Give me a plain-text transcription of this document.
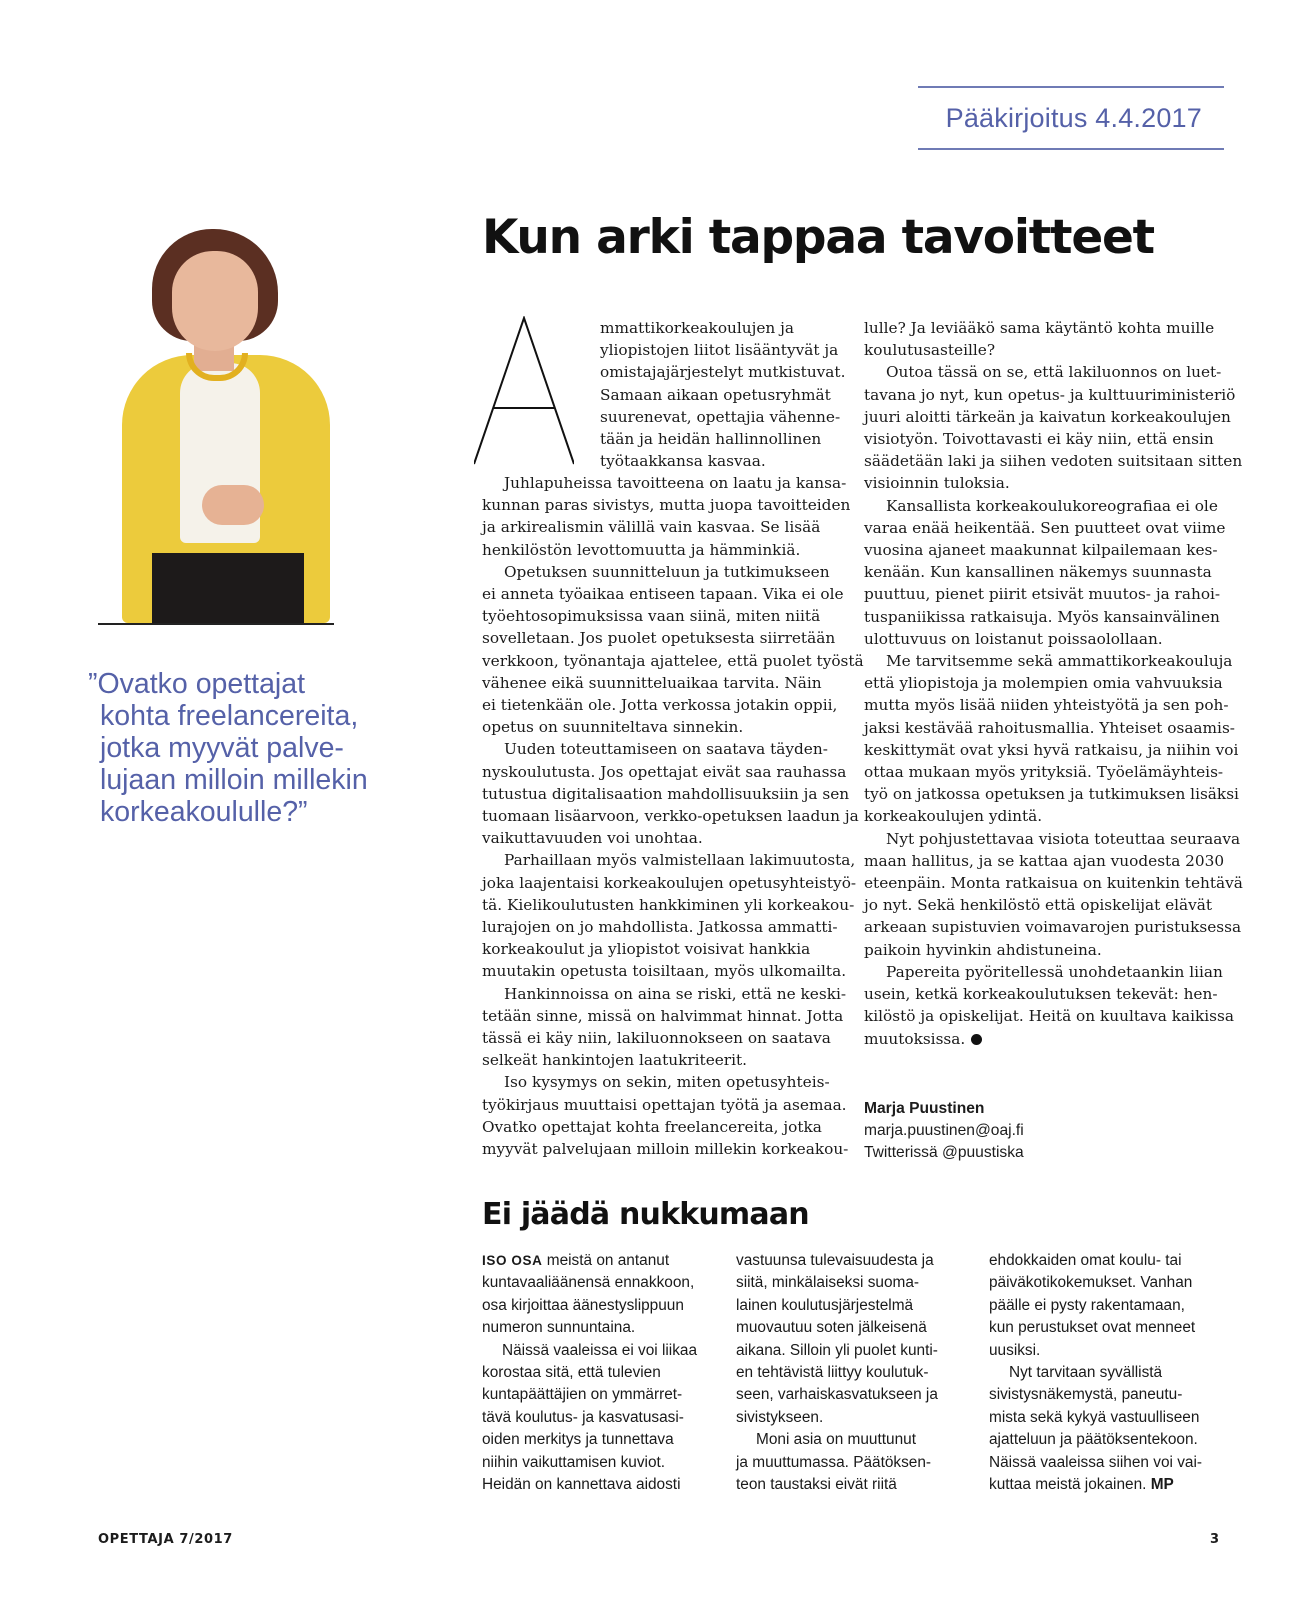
Pääkirjoitus 4.4.2017
Kun arki tappaa tavoitteet
”Ovatko opettajat
kohta freelancereita,
jotka myyvät palve-
lujaan milloin millekin
korkeakoululle?”
mmattikorkeakoulujen ja
yliopistojen liitot lisääntyvät ja
omistajajärjestelyt mutkistuvat.
Samaan aikaan opetusryhmät
suurenevat, opettajia vähenne-
tään ja heidän hallinnollinen
työtaakkansa kasvaa.
Juhlapuheissa tavoitteena on laatu ja kansa-
kunnan paras sivistys, mutta juopa tavoitteiden
ja arkirealismin välillä vain kasvaa. Se lisää
henkilöstön levottomuutta ja hämminkiä.
Opetuksen suunnitteluun ja tutkimukseen
ei anneta työaikaa entiseen tapaan. Vika ei ole
työehtosopimuksissa vaan siinä, miten niitä
sovelletaan. Jos puolet opetuksesta siirretään
verkkoon, työnantaja ajattelee, että puolet työstä
vähenee eikä suunnitteluaikaa tarvita. Näin
ei tietenkään ole. Jotta verkossa jotakin oppii,
opetus on suunniteltava sinnekin.
Uuden toteuttamiseen on saatava täyden-
nyskoulutusta. Jos opettajat eivät saa rauhassa
tutustua digitalisaation mahdollisuuksiin ja sen
tuomaan lisäarvoon, verkko-opetuksen laadun ja
vaikuttavuuden voi unohtaa.
Parhaillaan myös valmistellaan lakimuutosta,
joka laajentaisi korkeakoulujen opetusyhteistyö-
tä. Kielikoulutusten hankkiminen yli korkeakou-
lurajojen on jo mahdollista. Jatkossa ammatti-
korkeakoulut ja yliopistot voisivat hankkia
muutakin opetusta toisiltaan, myös ulkomailta.
Hankinnoissa on aina se riski, että ne keski-
tetään sinne, missä on halvimmat hinnat. Jotta
tässä ei käy niin, lakiluonnokseen on saatava
selkeät hankintojen laatukriteerit.
Iso kysymys on sekin, miten opetusyhteis-
työkirjaus muuttaisi opettajan työtä ja asemaa.
Ovatko opettajat kohta freelancereita, jotka
myyvät palvelujaan milloin millekin korkeakou-
lulle? Ja leviääkö sama käytäntö kohta muille
koulutusasteille?
Outoa tässä on se, että lakiluonnos on luet-
tavana jo nyt, kun opetus- ja kulttuuriministeriö
juuri aloitti tärkeän ja kaivatun korkeakoulujen
visiotyön. Toivottavasti ei käy niin, että ensin
säädetään laki ja siihen vedoten suitsitaan sitten
visioinnin tuloksia.
Kansallista korkeakoulukoreografiaa ei ole
varaa enää heikentää. Sen puutteet ovat viime
vuosina ajaneet maakunnat kilpailemaan kes-
kenään. Kun kansallinen näkemys suunnasta
puuttuu, pienet piirit etsivät muutos- ja rahoi-
tuspaniikissa ratkaisuja. Myös kansainvälinen
ulottuvuus on loistanut poissaolollaan.
Me tarvitsemme sekä ammattikorkeakouluja
että yliopistoja ja molempien omia vahvuuksia
mutta myös lisää niiden yhteistyötä ja sen poh-
jaksi kestävää rahoitusmallia. Yhteiset osaamis-
keskittymät ovat yksi hyvä ratkaisu, ja niihin voi
ottaa mukaan myös yrityksiä. Työelämäyhteis-
työ on jatkossa opetuksen ja tutkimuksen lisäksi
korkeakoulujen ydintä.
Nyt pohjustettavaa visiota toteuttaa seuraava
maan hallitus, ja se kattaa ajan vuodesta 2030
eteenpäin. Monta ratkaisua on kuitenkin tehtävä
jo nyt. Sekä henkilöstö että opiskelijat elävät
arkeaan supistuvien voimavarojen puristuksessa
paikoin hyvinkin ahdistuneina.
Papereita pyöritellessä unohdetaankin liian
usein, ketkä korkeakoulutuksen tekevät: hen-
kilöstö ja opiskelijat. Heitä on kuultava kaikissa
muutoksissa.
Marja Puustinen
marja.puustinen@oaj.fi
Twitterissä @puustiska
Ei jäädä nukkumaan
ISO OSA meistä on antanut
kuntavaaliäänensä ennakkoon,
osa kirjoittaa äänestyslippuun
numeron sunnuntaina.
Näissä vaaleissa ei voi liikaa
korostaa sitä, että tulevien
kuntapäättäjien on ymmärret-
tävä koulutus- ja kasvatusasi-
oiden merkitys ja tunnettava
niihin vaikuttamisen kuviot.
Heidän on kannettava aidosti
vastuunsa tulevaisuudesta ja
siitä, minkälaiseksi suoma-
lainen koulutusjärjestelmä
muovautuu soten jälkeisenä
aikana. Silloin yli puolet kunti-
en tehtävistä liittyy koulutuk-
seen, varhaiskasvatukseen ja
sivistykseen.
Moni asia on muuttunut
ja muuttumassa. Päätöksen-
teon taustaksi eivät riitä
ehdokkaiden omat koulu- tai
päiväkotikokemukset. Vanhan
päälle ei pysty rakentamaan,
kun perustukset ovat menneet
uusiksi.
Nyt tarvitaan syvällistä
sivistysnäkemystä, paneutu-
mista sekä kykyä vastuulliseen
ajatteluun ja päätöksentekoon.
Näissä vaaleissa siihen voi vai-
kuttaa meistä jokainen. MP
OPETTAJA 7/2017	3
